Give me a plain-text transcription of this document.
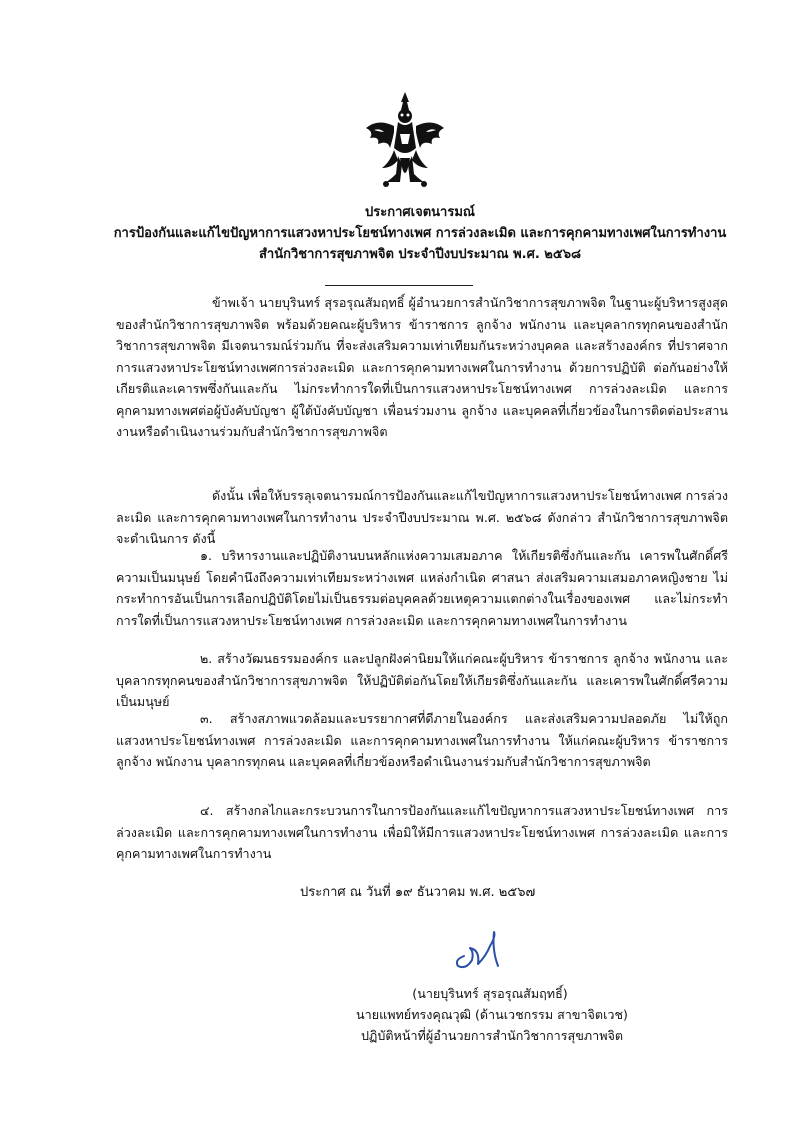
ประกาศเจตนารมณ์
การป้องกันและแก้ไขปัญหาการแสวงหาประโยชน์ทางเพศ การล่วงละเมิด และการคุกคามทางเพศในการทำงาน
สำนักวิชาการสุขภาพจิต ประจำปีงบประมาณ พ.ศ. ๒๕๖๘

ข้าพเจ้า นายบุรินทร์ สุรอรุณสัมฤทธิ์ ผู้อำนวยการสำนักวิชาการสุขภาพจิต ในฐานะผู้บริหารสูงสุดของสำนักวิชาการสุขภาพจิต พร้อมด้วยคณะผู้บริหาร ข้าราชการ ลูกจ้าง พนักงาน และบุคลากรทุกคนของสำนักวิชาการสุขภาพจิต มีเจตนารมณ์ร่วมกัน ที่จะส่งเสริมความเท่าเทียมกันระหว่างบุคคล และสร้างองค์กร ที่ปราศจากการแสวงหาประโยชน์ทางเพศการล่วงละเมิด และการคุกคามทางเพศในการทำงาน ด้วยการปฏิบัติ ต่อกันอย่างให้เกียรติและเคารพซึ่งกันและกัน ไม่กระทำการใดที่เป็นการแสวงหาประโยชน์ทางเพศ การล่วงละเมิด และการคุกคามทางเพศต่อผู้บังคับบัญชา ผู้ใต้บังคับบัญชา เพื่อนร่วมงาน ลูกจ้าง และบุคคลที่เกี่ยวข้องในการติดต่อประสานงานหรือดำเนินงานร่วมกับสำนักวิชาการสุขภาพจิต

ดังนั้น เพื่อให้บรรลุเจตนารมณ์การป้องกันและแก้ไขปัญหาการแสวงหาประโยชน์ทางเพศ การล่วงละเมิด และการคุกคามทางเพศในการทำงาน ประจำปีงบประมาณ พ.ศ. ๒๕๖๘ ดังกล่าว สำนักวิชาการสุขภาพจิต จะดำเนินการ ดังนี้

๑. บริหารงานและปฏิบัติงานบนหลักแห่งความเสมอภาค ให้เกียรติซึ่งกันและกัน เคารพในศักดิ์ศรีความเป็นมนุษย์ โดยคำนึงถึงความเท่าเทียมระหว่างเพศ แหล่งกำเนิด ศาสนา ส่งเสริมความเสมอภาคหญิงชาย ไม่กระทำการอันเป็นการเลือกปฏิบัติโดยไม่เป็นธรรมต่อบุคคลด้วยเหตุความแตกต่างในเรื่องของเพศ และไม่กระทำการใดที่เป็นการแสวงหาประโยชน์ทางเพศ การล่วงละเมิด และการคุกคามทางเพศในการทำงาน

๒. สร้างวัฒนธรรมองค์กร และปลูกฝังค่านิยมให้แก่คณะผู้บริหาร ข้าราชการ ลูกจ้าง พนักงาน และบุคลากรทุกคนของสำนักวิชาการสุขภาพจิต ให้ปฏิบัติต่อกันโดยให้เกียรติซึ่งกันและกัน และเคารพในศักดิ์ศรีความเป็นมนุษย์

๓. สร้างสภาพแวดล้อมและบรรยากาศที่ดีภายในองค์กร และส่งเสริมความปลอดภัย ไม่ให้ถูกแสวงหาประโยชน์ทางเพศ การล่วงละเมิด และการคุกคามทางเพศในการทำงาน ให้แก่คณะผู้บริหาร ข้าราชการ ลูกจ้าง พนักงาน บุคลากรทุกคน และบุคคลที่เกี่ยวข้องหรือดำเนินงานร่วมกับสำนักวิชาการสุขภาพจิต

๔. สร้างกลไกและกระบวนการในการป้องกันและแก้ไขปัญหาการแสวงหาประโยชน์ทางเพศ การล่วงละเมิด และการคุกคามทางเพศในการทำงาน เพื่อมิให้มีการแสวงหาประโยชน์ทางเพศ การล่วงละเมิด และการคุกคามทางเพศในการทำงาน

ประกาศ ณ วันที่ ๑๙ ธันวาคม พ.ศ. ๒๕๖๗
(นายบุรินทร์ สุรอรุณสัมฤทธิ์)
นายแพทย์ทรงคุณวุฒิ (ด้านเวชกรรม สาขาจิตเวช)
ปฏิบัติหน้าที่ผู้อำนวยการสำนักวิชาการสุขภาพจิต
